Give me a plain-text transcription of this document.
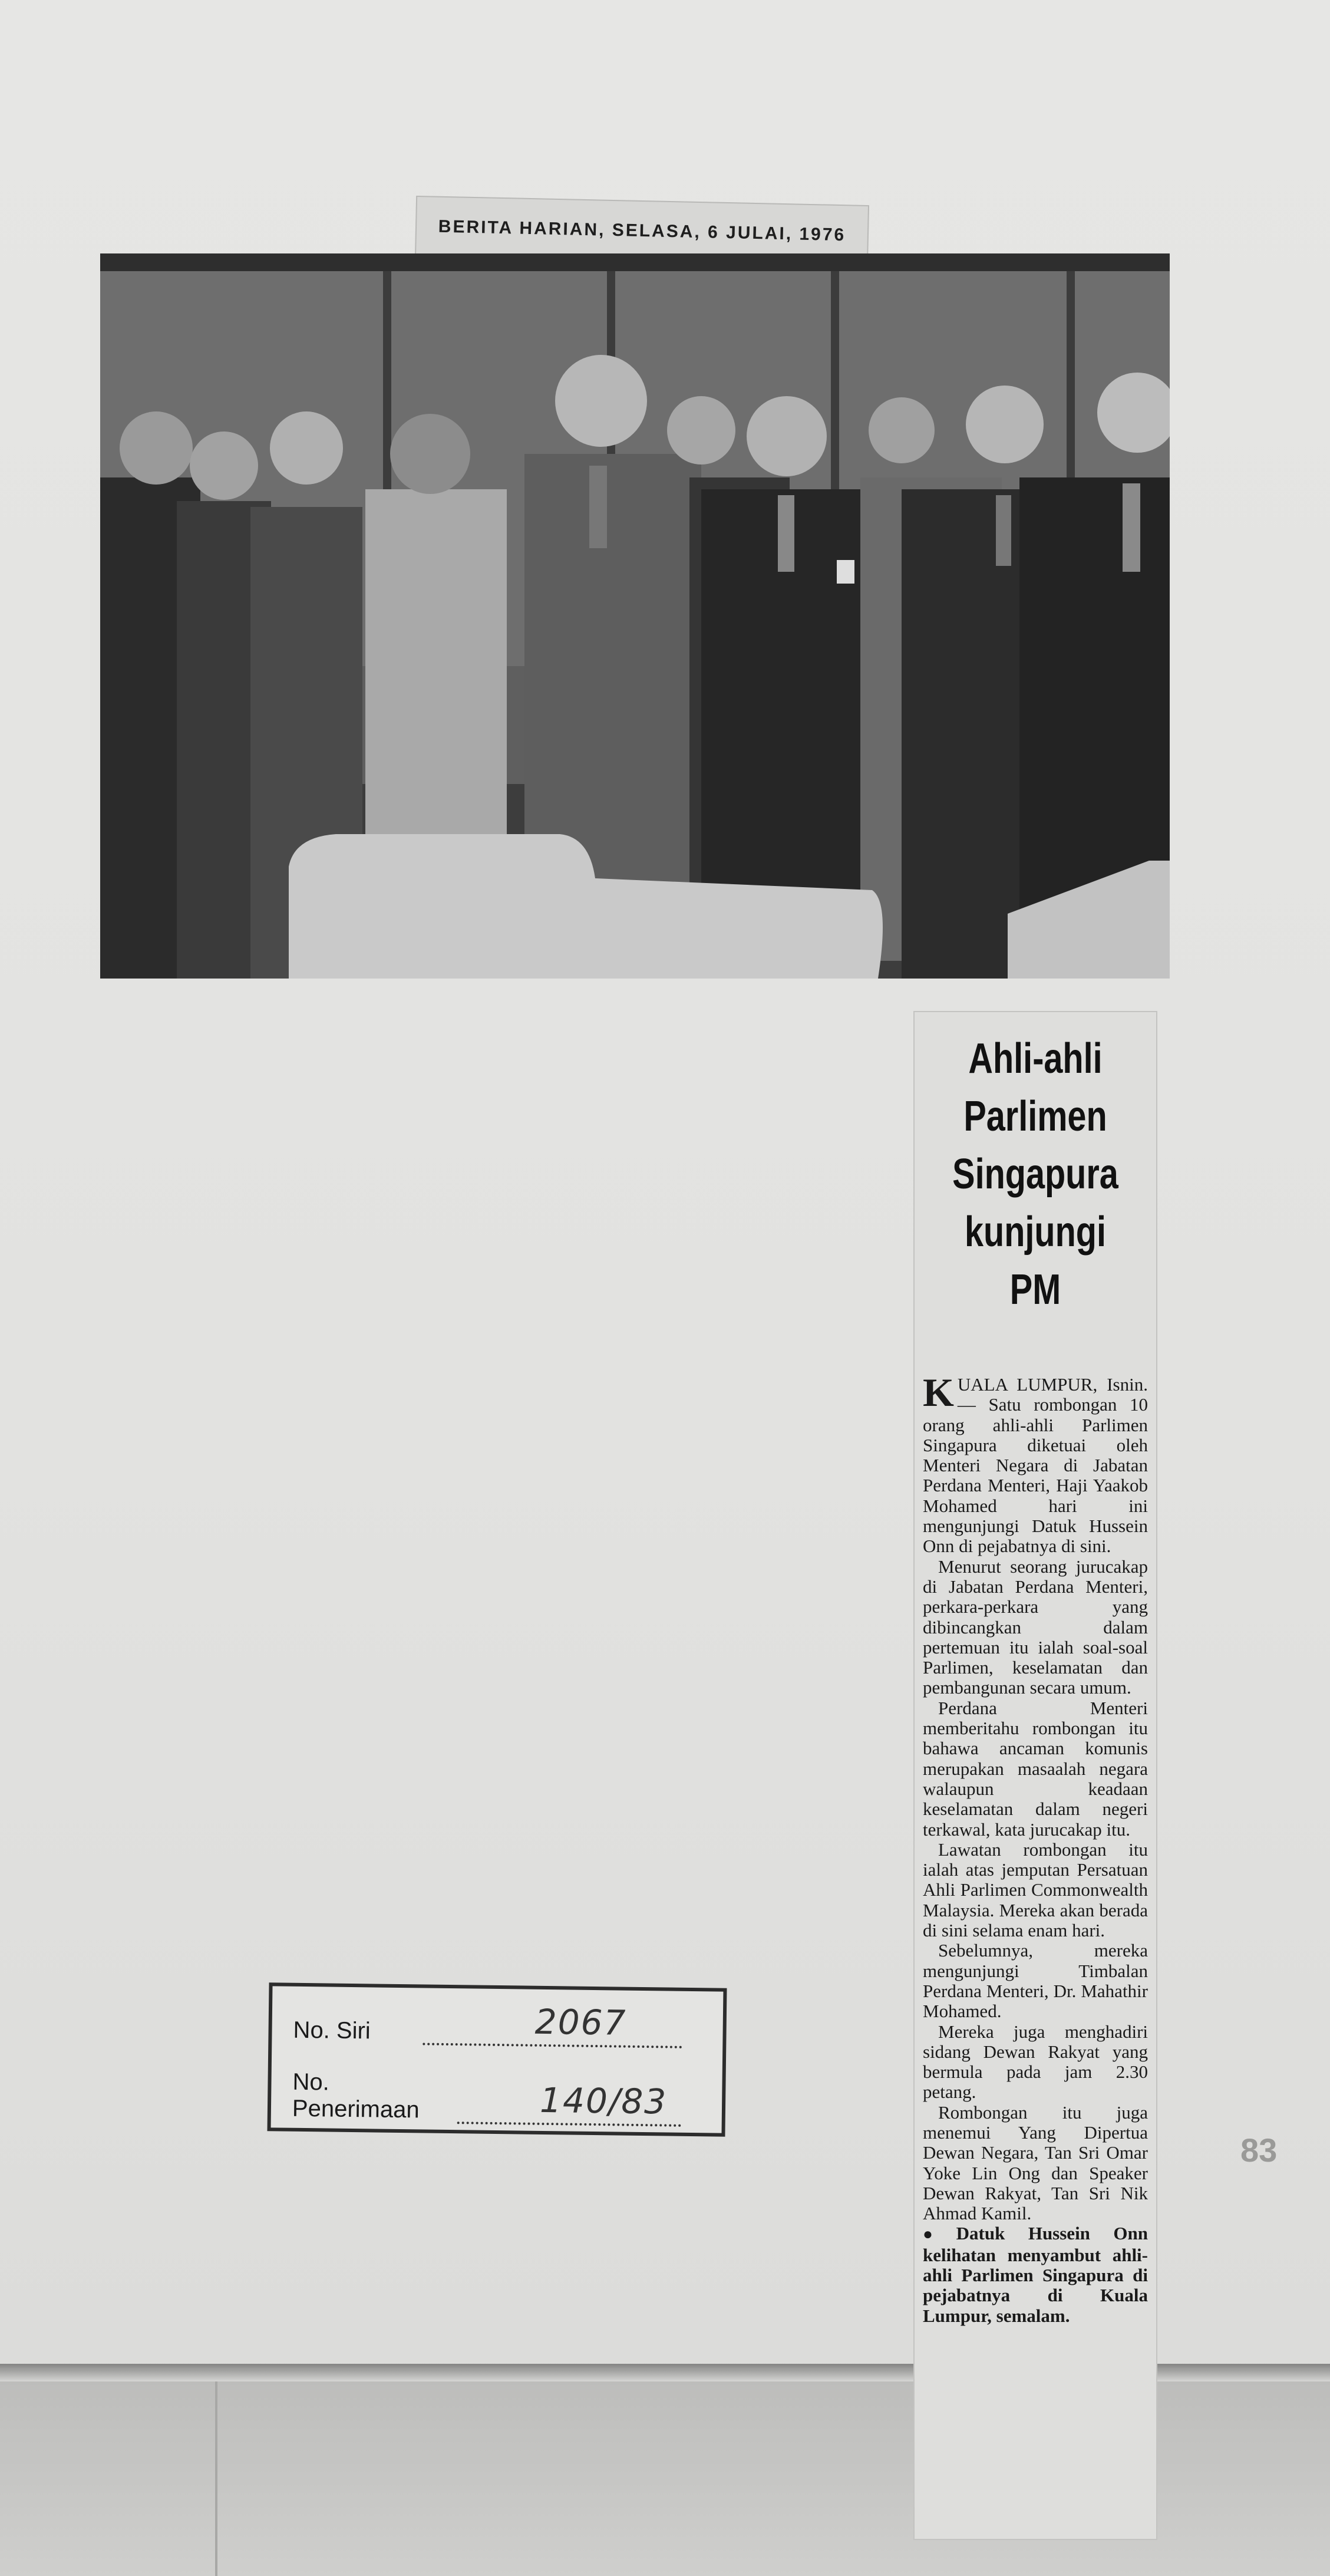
BERITA HARIAN, SELASA, 6 JULAI, 1976
Ahli-ahli
Parlimen
Singapura
kunjungi
PM

KUALA LUMPUR, Isnin. — Satu rombongan 10 orang ahli-ahli Parlimen Singapura diketuai oleh Menteri Negara di Jabatan Perdana Menteri, Haji Yaakob Mohamed hari ini mengunjungi Datuk Hussein Onn di pejabatnya di sini.

Menurut seorang jurucakap di Jabatan Perdana Menteri, perkara-perkara yang dibincangkan dalam pertemuan itu ialah soal-soal Parlimen, keselamatan dan pembangunan secara umum.

Perdana Menteri memberitahu rombongan itu bahawa ancaman komunis merupakan masaalah negara walaupun keadaan keselamatan dalam negeri terkawal, kata jurucakap itu.

Lawatan rombongan itu ialah atas jemputan Persatuan Ahli Parlimen Commonwealth Malaysia. Mereka akan berada di sini selama enam hari.

Sebelumnya, mereka mengunjungi Timbalan Perdana Menteri, Dr. Mahathir Mohamed.

Mereka juga menghadiri sidang Dewan Rakyat yang bermula pada jam 2.30 petang.

Rombongan itu juga menemui Yang Dipertua Dewan Negara, Tan Sri Omar Yoke Lin Ong dan Speaker Dewan Rakyat, Tan Sri Nik Ahmad Kamil.

● Datuk Hussein Onn kelihatan menyambut ahli-ahli Parlimen Singapura di pejabatnya di Kuala Lumpur, semalam.

No. Siri	2067
No. Penerimaan	140/83
83
